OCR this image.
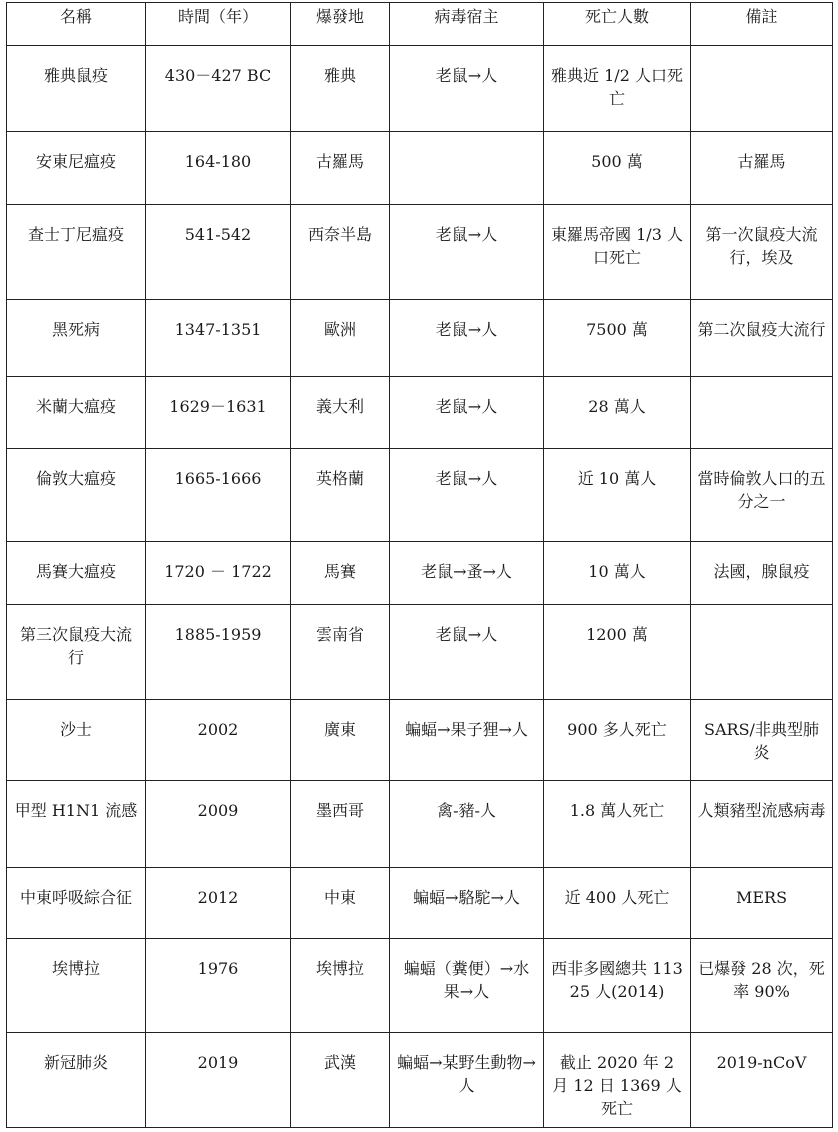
名稱	時間（年）	爆發地	病毒宿主	死亡人數	備註
雅典鼠疫	430－427 BC	雅典	老鼠→人	雅典近 1/2 人口死亡	
安東尼瘟疫	164-180	古羅馬		500 萬	古羅馬
查士丁尼瘟疫	541-542	西奈半島	老鼠→人	東羅馬帝國 1/3 人口死亡	第一次鼠疫大流行，埃及
黑死病	1347-1351	歐洲	老鼠→人	7500 萬	第二次鼠疫大流行
米蘭大瘟疫	1629－1631	義大利	老鼠→人	28 萬人	
倫敦大瘟疫	1665-1666	英格蘭	老鼠→人	近 10 萬人	當時倫敦人口的五分之一
馬賽大瘟疫	1720 － 1722	馬賽	老鼠→蚤→人	10 萬人	法國，腺鼠疫
第三次鼠疫大流行	1885-1959	雲南省	老鼠→人	1200 萬	
沙士	2002	廣東	蝙蝠→果子狸→人	900 多人死亡	SARS/非典型肺炎
甲型 H1N1 流感	2009	墨西哥	禽-豬-人	1.8 萬人死亡	人類豬型流感病毒
中東呼吸綜合征	2012	中東	蝙蝠→駱駝→人	近 400 人死亡	MERS
埃博拉	1976	埃博拉	蝙蝠（糞便）→水果→人	西非多國總共 11325 人(2014)	已爆發 28 次，死率 90%
新冠肺炎	2019	武漢	蝙蝠→某野生動物→人	截止 2020 年 2 月 12 日 1369 人死亡	2019-nCoV
